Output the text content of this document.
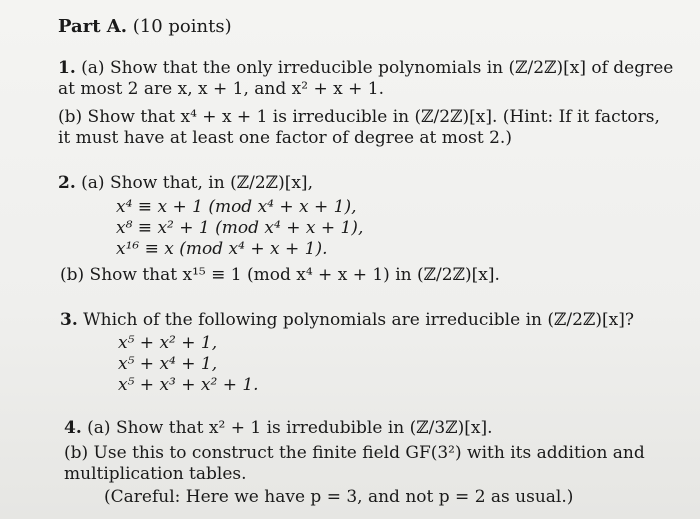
Part A. (10 points)
1. (a) Show that the only irreducible polynomials in (ℤ/2ℤ)[x] of degree
at most 2 are x, x + 1, and x² + x + 1.
(b) Show that x⁴ + x + 1 is irreducible in (ℤ/2ℤ)[x]. (Hint: If it factors,
it must have at least one factor of degree at most 2.)
2. (a) Show that, in (ℤ/2ℤ)[x],
x⁴ ≡ x + 1 (mod x⁴ + x + 1),
x⁸ ≡ x² + 1 (mod x⁴ + x + 1),
x¹⁶ ≡ x (mod x⁴ + x + 1).
(b) Show that x¹⁵ ≡ 1 (mod x⁴ + x + 1) in (ℤ/2ℤ)[x].
3. Which of the following polynomials are irreducible in (ℤ/2ℤ)[x]?
x⁵ + x² + 1,
x⁵ + x⁴ + 1,
x⁵ + x³ + x² + 1.
4. (a) Show that x² + 1 is irredubible in (ℤ/3ℤ)[x].
(b) Use this to construct the finite field GF(3²) with its addition and
multiplication tables.
(Careful: Here we have p = 3, and not p = 2 as usual.)
